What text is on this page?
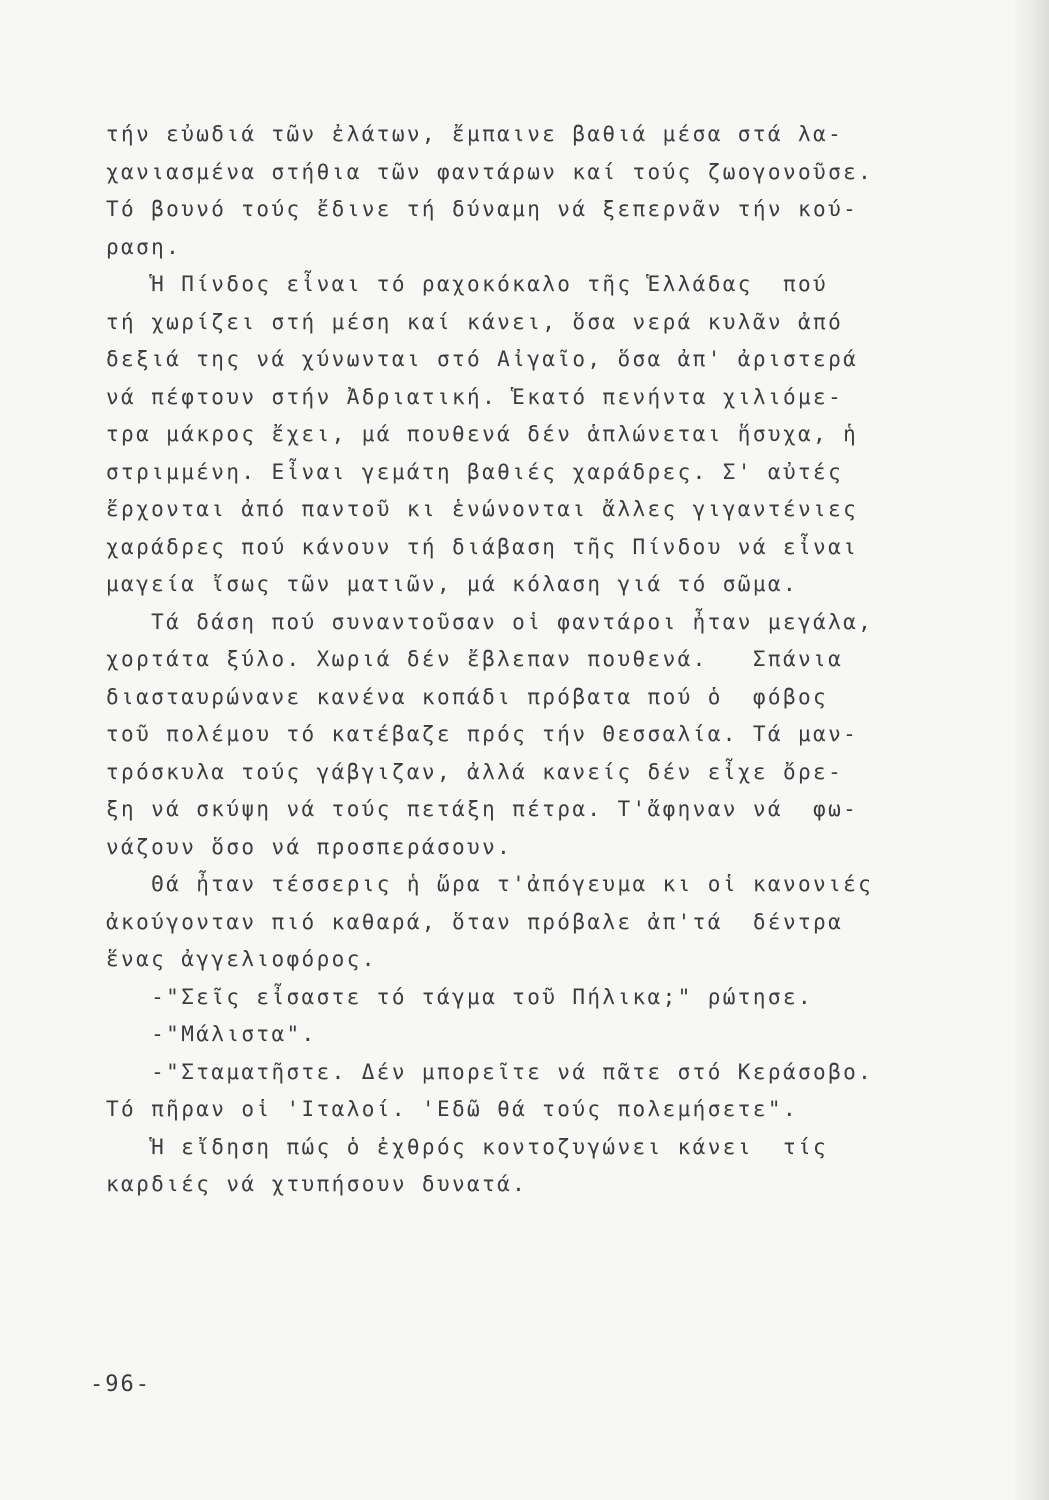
τήν εὐωδιά τῶν ἐλάτων, ἔμπαινε βαθιά μέσα στά λα-
χανιασμένα στήθια τῶν φαντάρων καί τούς ζωογονοῦσε.
Τό βουνό τούς ἔδινε τή δύναμη νά ξεπερνᾶν τήν κού-
ραση.
Ἡ Πίνδος εἶναι τό ραχοκόκαλο τῆς Ἑλλάδας  πού
τή χωρίζει στή μέση καί κάνει, ὅσα νερά κυλᾶν ἀπό
δεξιά της νά χύνωνται στό Αἰγαῖο, ὅσα ἀπ' ἀριστερά
νά πέφτουν στήν Ἀδριατική. Ἑκατό πενήντα χιλιόμε-
τρα μάκρος ἔχει, μά πουθενά δέν ἁπλώνεται ἥσυχα, ἡ
στριμμένη. Εἶναι γεμάτη βαθιές χαράδρες. Σ' αὐτές
ἔρχονται ἀπό παντοῦ κι ἑνώνονται ἄλλες γιγαντένιες
χαράδρες πού κάνουν τή διάβαση τῆς Πίνδου νά εἶναι
μαγεία ἴσως τῶν ματιῶν, μά κόλαση γιά τό σῶμα.
Τά δάση πού συναντοῦσαν οἱ φαντάροι ἦταν μεγάλα,
χορτάτα ξύλο. Χωριά δέν ἔβλεπαν πουθενά.   Σπάνια
διασταυρώνανε κανένα κοπάδι πρόβατα πού ὁ  φόβος
τοῦ πολέμου τό κατέβαζε πρός τήν Θεσσαλία. Τά μαν-
τρόσκυλα τούς γάβγιζαν, ἀλλά κανείς δέν εἶχε ὄρε-
ξη νά σκύψη νά τούς πετάξη πέτρα. Τ'ἄφηναν νά  φω-
νάζουν ὅσο νά προσπεράσουν.
Θά ἦταν τέσσερις ἡ ὥρα τ'ἀπόγευμα κι οἱ κανονιές
ἀκούγονταν πιό καθαρά, ὅταν πρόβαλε ἀπ'τά  δέντρα
ἕνας ἀγγελιοφόρος.
-"Σεῖς εἶσαστε τό τάγμα τοῦ Πήλικα;" ρώτησε.
-"Μάλιστα".
-"Σταματῆστε. Δέν μπορεῖτε νά πᾶτε στό Κεράσοβο.
Τό πῆραν οἱ 'Ιταλοί. 'Εδῶ θά τούς πολεμήσετε".
Ἡ εἴδηση πώς ὁ ἐχθρός κοντοζυγώνει κάνει  τίς
καρδιές νά χτυπήσουν δυνατά.
-96-
